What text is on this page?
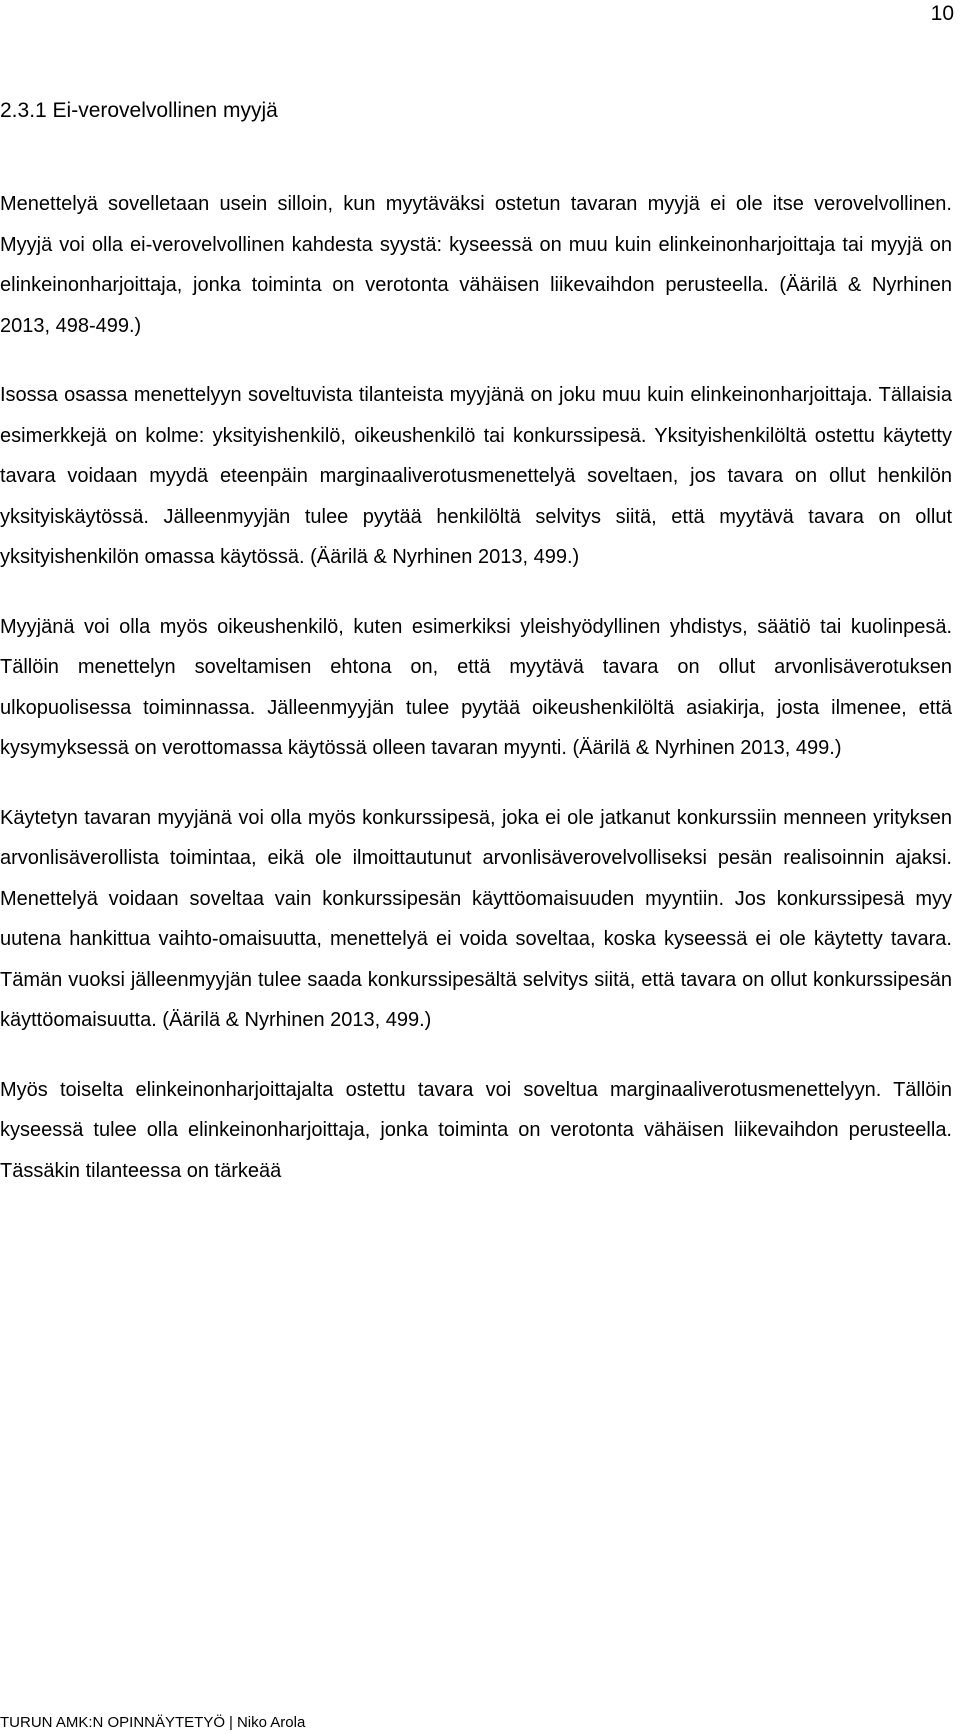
10
2.3.1 Ei-verovelvollinen myyjä

Menettelyä sovelletaan usein silloin, kun myytäväksi ostetun tavaran myyjä ei ole itse verovelvollinen. Myyjä voi olla ei-verovelvollinen kahdesta syystä: kyseessä on muu kuin elinkeinonharjoittaja tai myyjä on elinkeinonharjoittaja, jonka toiminta on verotonta vähäisen liikevaihdon perusteella. (Äärilä & Nyrhinen 2013, 498-499.)

Isossa osassa menettelyyn soveltuvista tilanteista myyjänä on joku muu kuin elinkeinonharjoittaja. Tällaisia esimerkkejä on kolme: yksityishenkilö, oikeushenkilö tai konkurssipesä. Yksityishenkilöltä ostettu käytetty tavara voidaan myydä eteenpäin marginaaliverotusmenettelyä soveltaen, jos tavara on ollut henkilön yksityiskäytössä. Jälleenmyyjän tulee pyytää henkilöltä selvitys siitä, että myytävä tavara on ollut yksityishenkilön omassa käytössä. (Äärilä & Nyrhinen 2013, 499.)

Myyjänä voi olla myös oikeushenkilö, kuten esimerkiksi yleishyödyllinen yhdistys, säätiö tai kuolinpesä. Tällöin menettelyn soveltamisen ehtona on, että myytävä tavara on ollut arvonlisäverotuksen ulkopuolisessa toiminnassa. Jälleenmyyjän tulee pyytää oikeushenkilöltä asiakirja, josta ilmenee, että kysymyksessä on verottomassa käytössä olleen tavaran myynti. (Äärilä & Nyrhinen 2013, 499.)

Käytetyn tavaran myyjänä voi olla myös konkurssipesä, joka ei ole jatkanut konkurssiin menneen yrityksen arvonlisäverollista toimintaa, eikä ole ilmoittautunut arvonlisäverovelvolliseksi pesän realisoinnin ajaksi. Menettelyä voidaan soveltaa vain konkurssipesän käyttöomaisuuden myyntiin. Jos konkurssipesä myy uutena hankittua vaihto-omaisuutta, menettelyä ei voida soveltaa, koska kyseessä ei ole käytetty tavara. Tämän vuoksi jälleenmyyjän tulee saada konkurssipesältä selvitys siitä, että tavara on ollut konkurssipesän käyttöomaisuutta. (Äärilä & Nyrhinen 2013, 499.)

Myös toiselta elinkeinonharjoittajalta ostettu tavara voi soveltua marginaaliverotusmenettelyyn. Tällöin kyseessä tulee olla elinkeinonharjoittaja, jonka toiminta on verotonta vähäisen liikevaihdon perusteella. Tässäkin tilanteessa on tärkeää

TURUN AMK:N OPINNÄYTETYÖ | Niko Arola
